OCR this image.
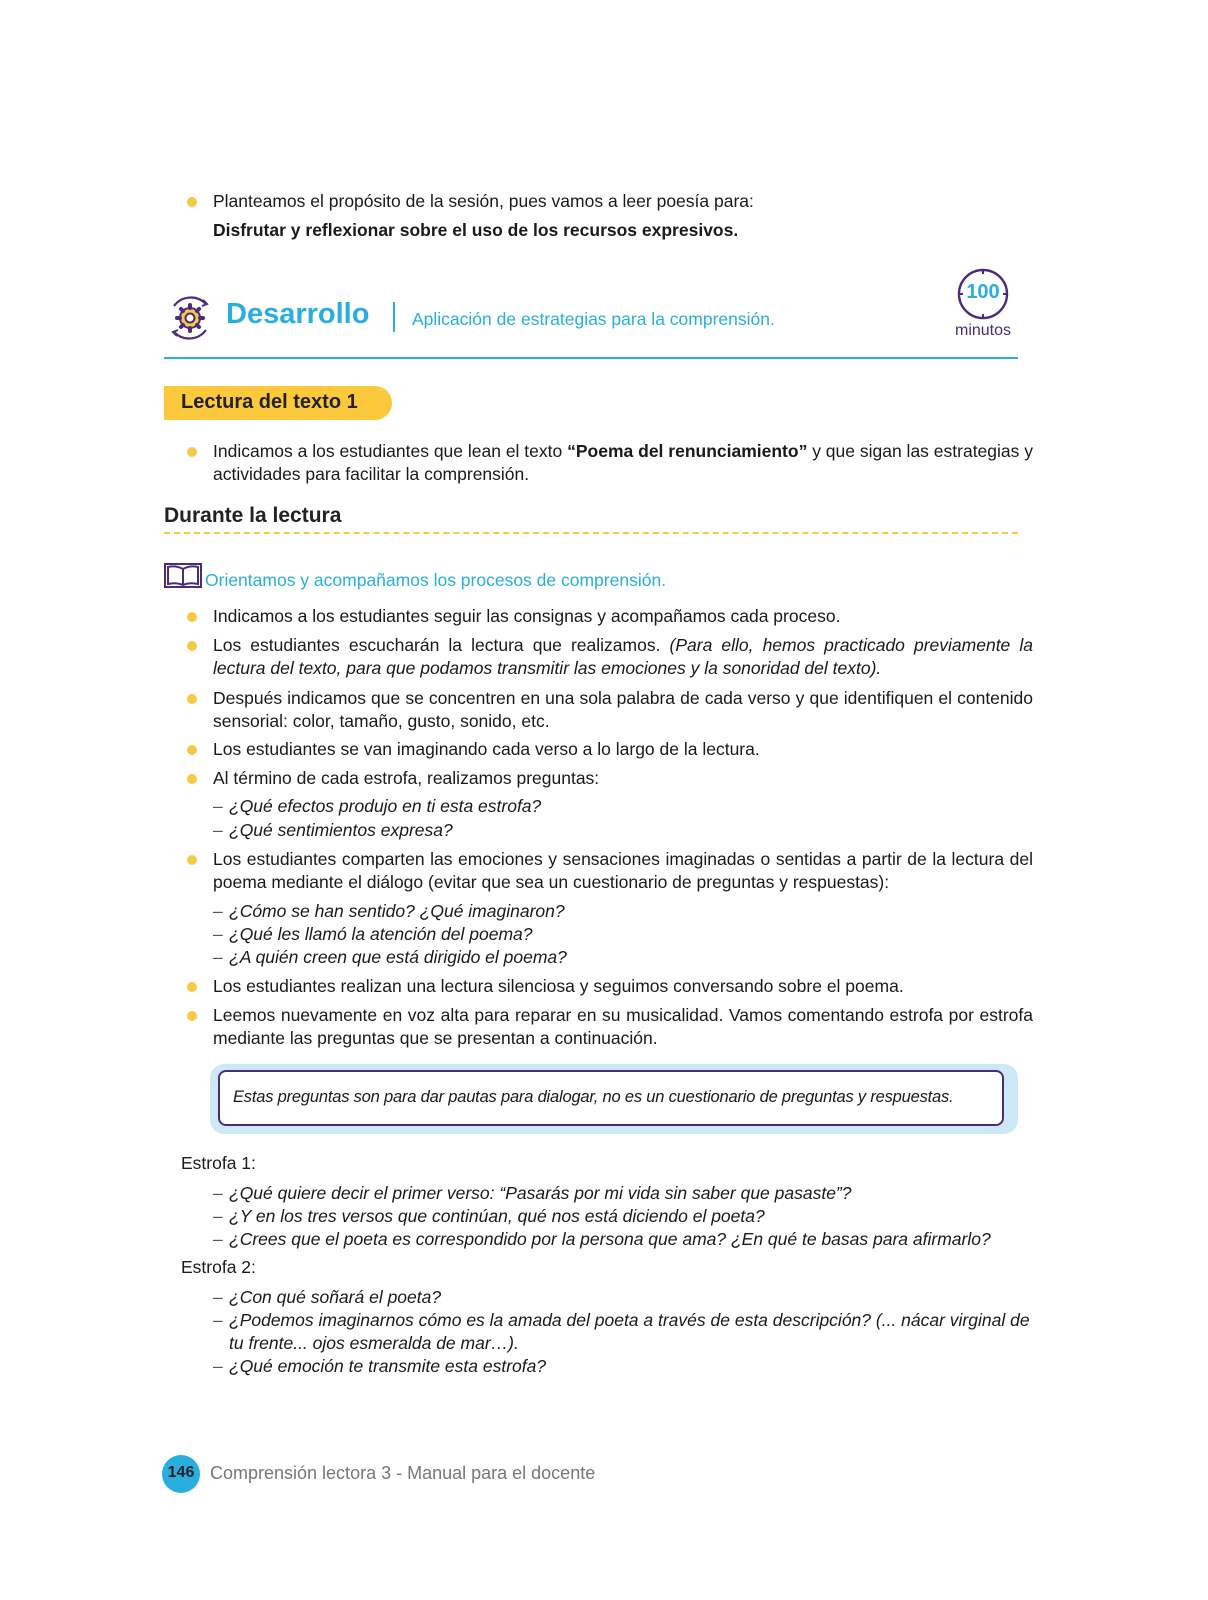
Planteamos el propósito de la sesión, pues vamos a leer poesía para:
Disfrutar y reflexionar sobre el uso de los recursos expresivos.
Desarrollo Aplicación de estrategias para la comprensión.
100
minutos
Lectura del texto 1
Indicamos a los estudiantes que lean el texto “Poema del renunciamiento” y que sigan las estrategias y actividades para facilitar la comprensión.
Durante la lectura
Orientamos y acompañamos los procesos de comprensión.
Indicamos a los estudiantes seguir las consignas y acompañamos cada proceso.
Los estudiantes escucharán la lectura que realizamos. (Para ello, hemos practicado previamente la lectura del texto, para que podamos transmitir las emociones y la sonoridad del texto).
Después indicamos que se concentren en una sola palabra de cada verso y que identifiquen el contenido sensorial: color, tamaño, gusto, sonido, etc.
Los estudiantes se van imaginando cada verso a lo largo de la lectura.
Al término de cada estrofa, realizamos preguntas:
– ¿Qué efectos produjo en ti esta estrofa?
– ¿Qué sentimientos expresa?
Los estudiantes comparten las emociones y sensaciones imaginadas o sentidas a partir de la lectura del poema mediante el diálogo (evitar que sea un cuestionario de preguntas y respuestas):
– ¿Cómo se han sentido? ¿Qué imaginaron?
– ¿Qué les llamó la atención del poema?
– ¿A quién creen que está dirigido el poema?
Los estudiantes realizan una lectura silenciosa y seguimos conversando sobre el poema.
Leemos nuevamente en voz alta para reparar en su musicalidad. Vamos comentando estrofa por estrofa mediante las preguntas que se presentan a continuación.
Estas preguntas son para dar pautas para dialogar, no es un cuestionario de preguntas y respuestas.
Estrofa 1:
– ¿Qué quiere decir el primer verso: “Pasarás por mi vida sin saber que pasaste”?
– ¿Y en los tres versos que continúan, qué nos está diciendo el poeta?
– ¿Crees que el poeta es correspondido por la persona que ama? ¿En qué te basas para afirmarlo?
Estrofa 2:
– ¿Con qué soñará el poeta?
– ¿Podemos imaginarnos cómo es la amada del poeta a través de esta descripción? (... nácar virginal de tu frente... ojos esmeralda de mar…).
– ¿Qué emoción te transmite esta estrofa?
146 Comprensión lectora 3 - Manual para el docente
